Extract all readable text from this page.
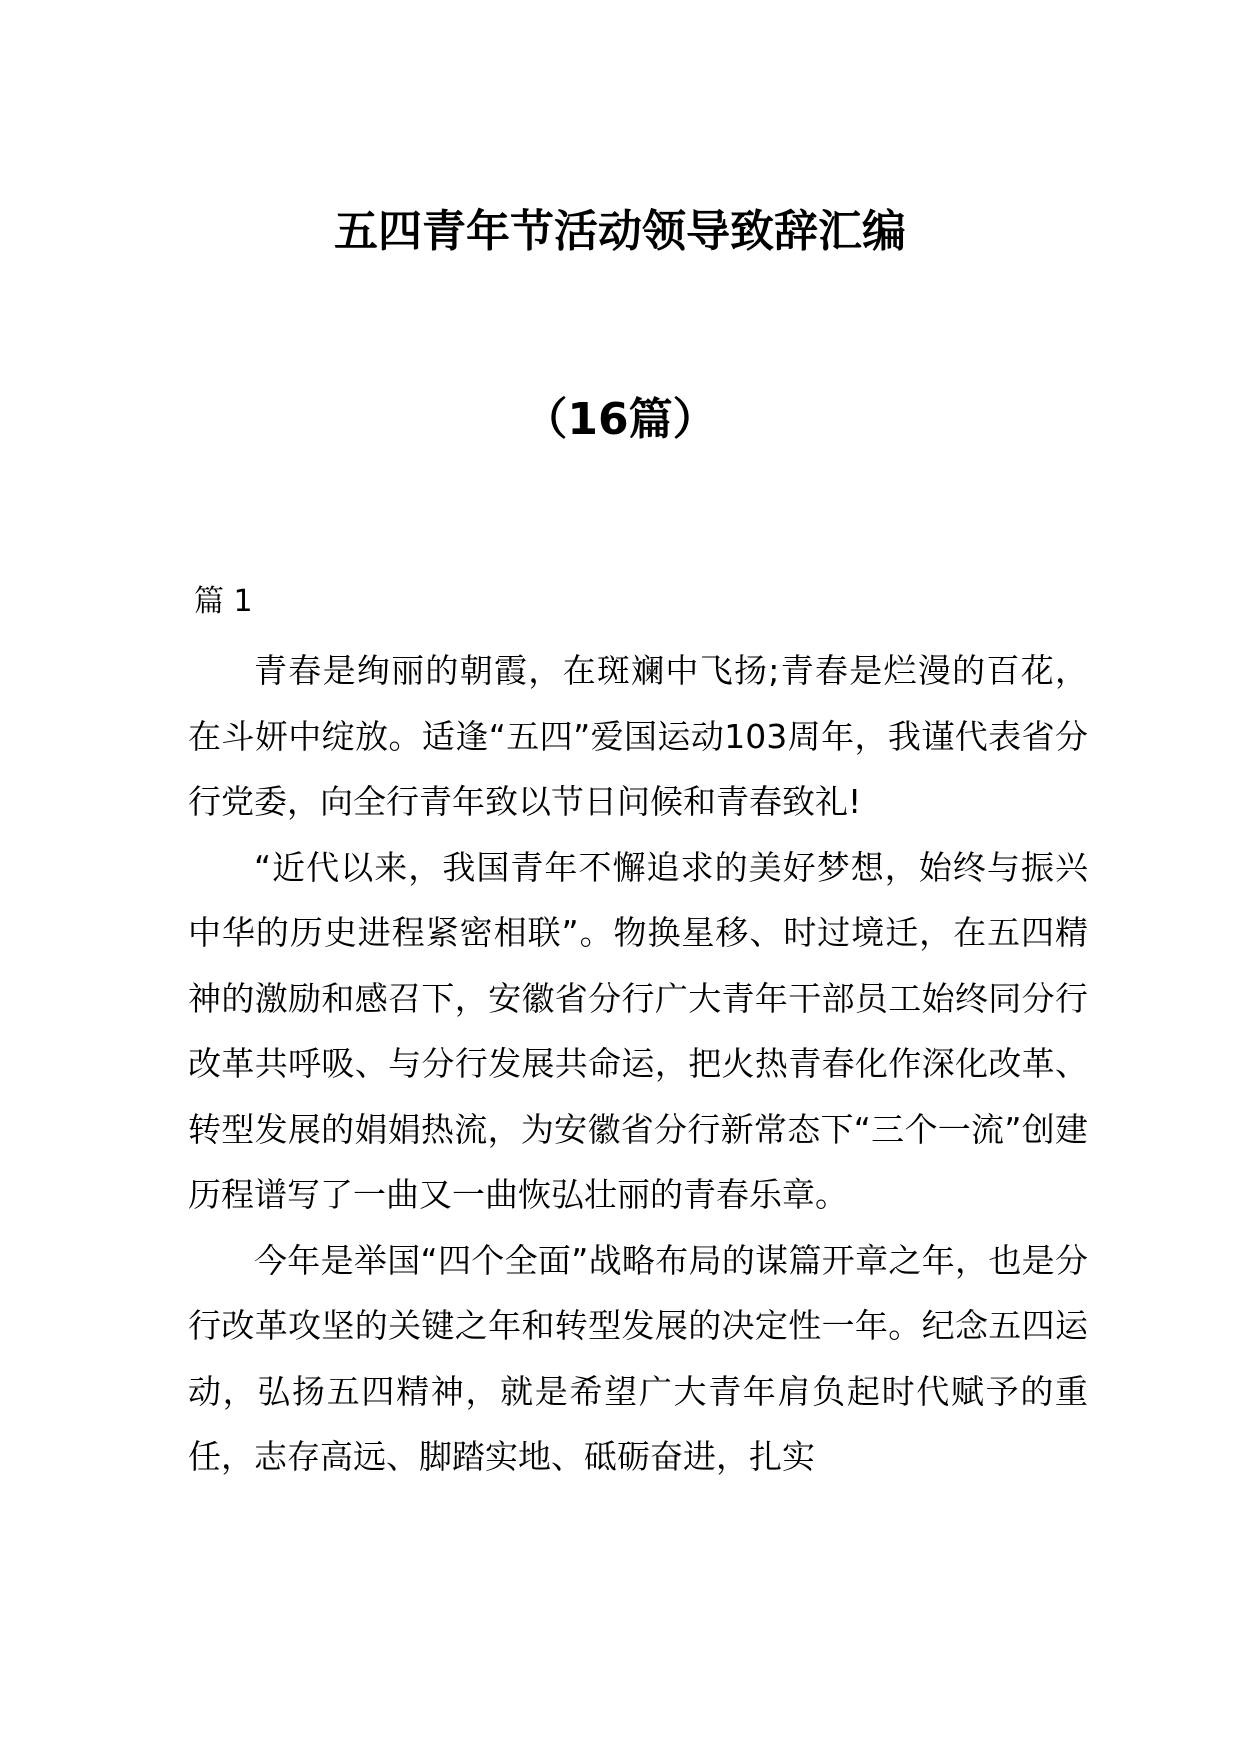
五四青年节活动领导致辞汇编
（16篇）
篇 1

青春是绚丽的朝霞，在斑斓中飞扬;青春是烂漫的百花，在斗妍中绽放。适逢“五四”爱国运动103周年，我谨代表省分行党委，向全行青年致以节日问候和青春致礼!

“近代以来，我国青年不懈追求的美好梦想，始终与振兴中华的历史进程紧密相联”。物换星移、时过境迁，在五四精神的激励和感召下，安徽省分行广大青年干部员工始终同分行改革共呼吸、与分行发展共命运，把火热青春化作深化改革、转型发展的娟娟热流，为安徽省分行新常态下“三个一流”创建历程谱写了一曲又一曲恢弘壮丽的青春乐章。

今年是举国“四个全面”战略布局的谋篇开章之年，也是分行改革攻坚的关键之年和转型发展的决定性一年。纪念五四运动，弘扬五四精神，就是希望广大青年肩负起时代赋予的重任，志存高远、脚踏实地、砥砺奋进，扎实
